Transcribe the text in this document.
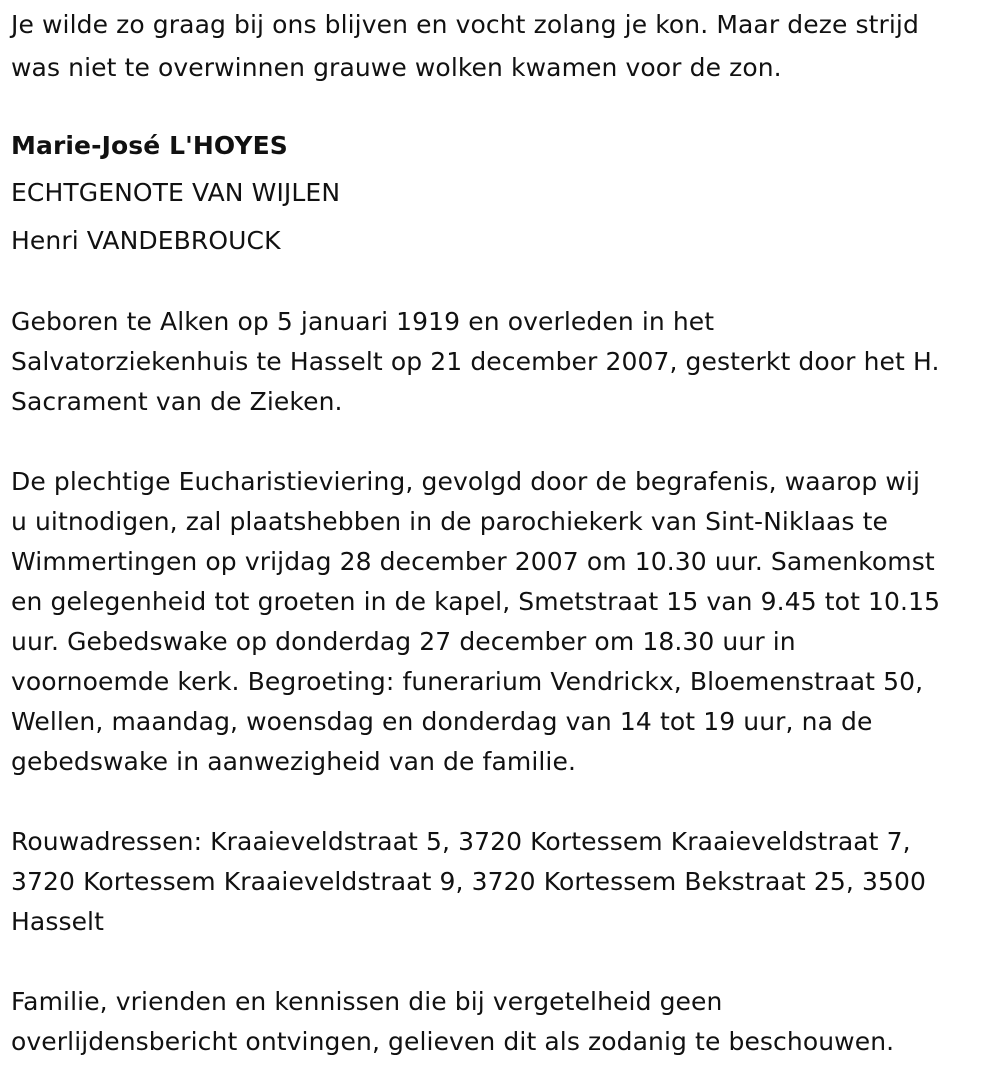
Je wilde zo graag bij ons blijven en vocht zolang je kon. Maar deze strijd
was niet te overwinnen grauwe wolken kwamen voor de zon.
Marie-José L'HOYES
ECHTGENOTE VAN WIJLEN
Henri VANDEBROUCK
Geboren te Alken op 5 januari 1919 en overleden in het
Salvatorziekenhuis te Hasselt op 21 december 2007, gesterkt door het H.
Sacrament van de Zieken.
De plechtige Eucharistieviering, gevolgd door de begrafenis, waarop wij
u uitnodigen, zal plaatshebben in de parochiekerk van Sint-Niklaas te
Wimmertingen op vrijdag 28 december 2007 om 10.30 uur. Samenkomst
en gelegenheid tot groeten in de kapel, Smetstraat 15 van 9.45 tot 10.15
uur. Gebedswake op donderdag 27 december om 18.30 uur in
voornoemde kerk. Begroeting: funerarium Vendrickx, Bloemenstraat 50,
Wellen, maandag, woensdag en donderdag van 14 tot 19 uur, na de
gebedswake in aanwezigheid van de familie.
Rouwadressen: Kraaieveldstraat 5, 3720 Kortessem Kraaieveldstraat 7,
3720 Kortessem Kraaieveldstraat 9, 3720 Kortessem Bekstraat 25, 3500
Hasselt
Familie, vrienden en kennissen die bij vergetelheid geen
overlijdensbericht ontvingen, gelieven dit als zodanig te beschouwen.
